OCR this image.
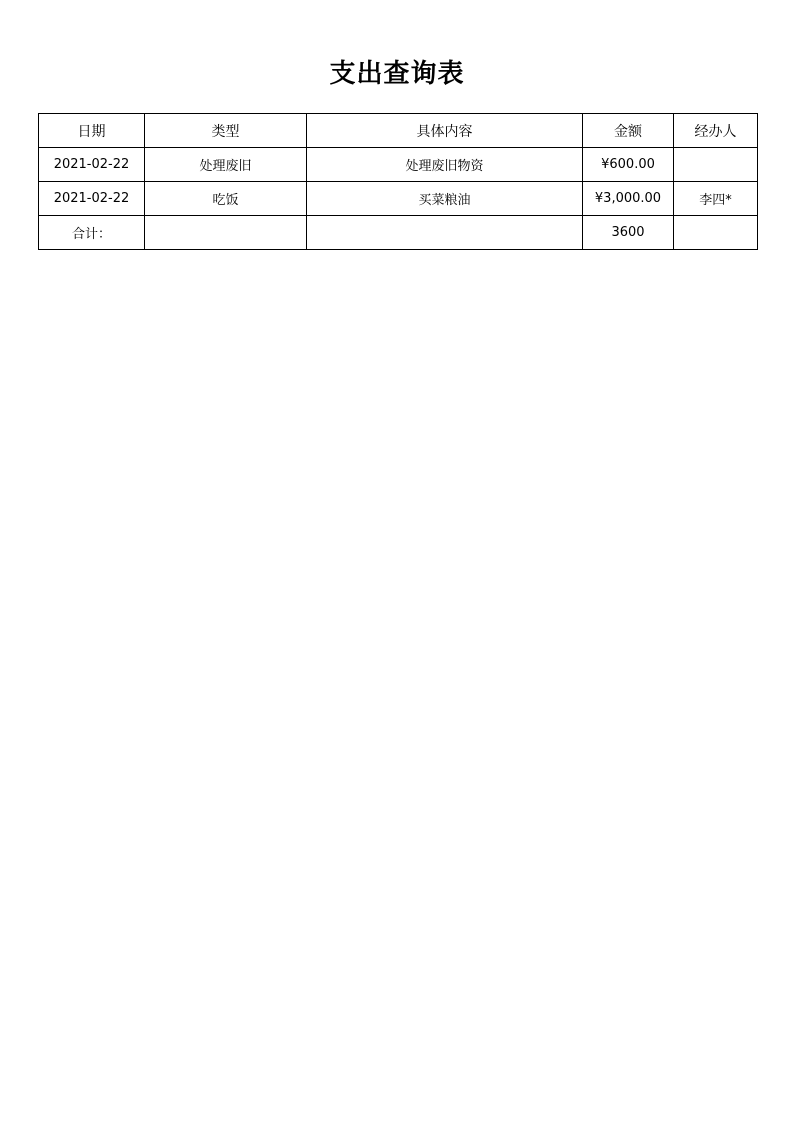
支出查询表
日期	类型	具体内容	金额	经办人
2021-02-22	处理废旧	处理废旧物资	¥600.00	
2021-02-22	吃饭	买菜粮油	¥3,000.00	李四*
合计：			3600	
